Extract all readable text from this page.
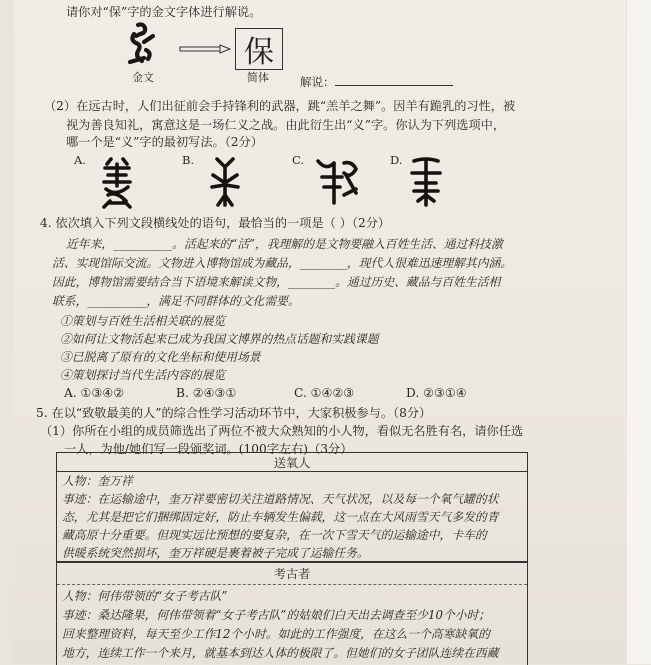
请你对“保”字的金文字体进行解说。
金文
保
简体	解说：
（2）在远古时，人们出征前会手持锋利的武器，跳“羔羊之舞”。因羊有跪乳的习性，被
视为善良知礼，寓意这是一场仁义之战。由此衍生出“义”字。你认为下列选项中，
哪一个是“义”字的最初写法。（2分）
A.	B.	C.	D.
4. 依次填入下列文段横线处的语句，最恰当的一项是（ ）（2分）
近年来，__________。活起来的“活”，我理解的是文物要融入百姓生活、通过科技激
活、实现馆际交流。文物进入博物馆成为藏品，________，现代人很难迅速理解其内涵。
因此，博物馆需要结合当下语境来解读文物，________。通过历史、藏品与百姓生活相
联系，__________，满足不同群体的文化需要。
①策划与百姓生活相关联的展览
②如何让文物活起来已成为我国文博界的热点话题和实践课题
③已脱离了原有的文化坐标和使用场景
④策划探讨当代生活内容的展览
A. ①③④②	B. ②④③①	C. ①④②③	D. ②③①④
5. 在以“致敬最美的人”的综合性学习活动环节中，大家积极参与。（8分）
（1）你所在小组的成员筛选出了两位不被大众熟知的小人物，看似无名胜有名，请你任选
一人，为他/她们写一段颁奖词。(100字左右)（3分）
送氧人
人物：奎万祥
事迹：在运输途中，奎万祥要密切关注道路情况、天气状况，以及每一个氧气罐的状
态，尤其是把它们捆绑固定好，防止车辆发生偏载，这一点在大风雨雪天气多发的青
藏高原十分重要。但现实远比预想的要复杂，在一次下雪天气的运输途中，卡车的
供暖系统突然损坏，奎万祥硬是裹着被子完成了运输任务。
考古者
人物：何伟带领的“女子考古队”
事迹：桑达隆果，何伟带领着“女子考古队”的姑娘们白天出去调查至少10个小时；
回来整理资料，每天至少工作12个小时。如此的工作强度，在这么一个高寒缺氧的
地方，连续工作一个来月，就基本到达人体的极限了。但她们的女子团队连续在西藏
